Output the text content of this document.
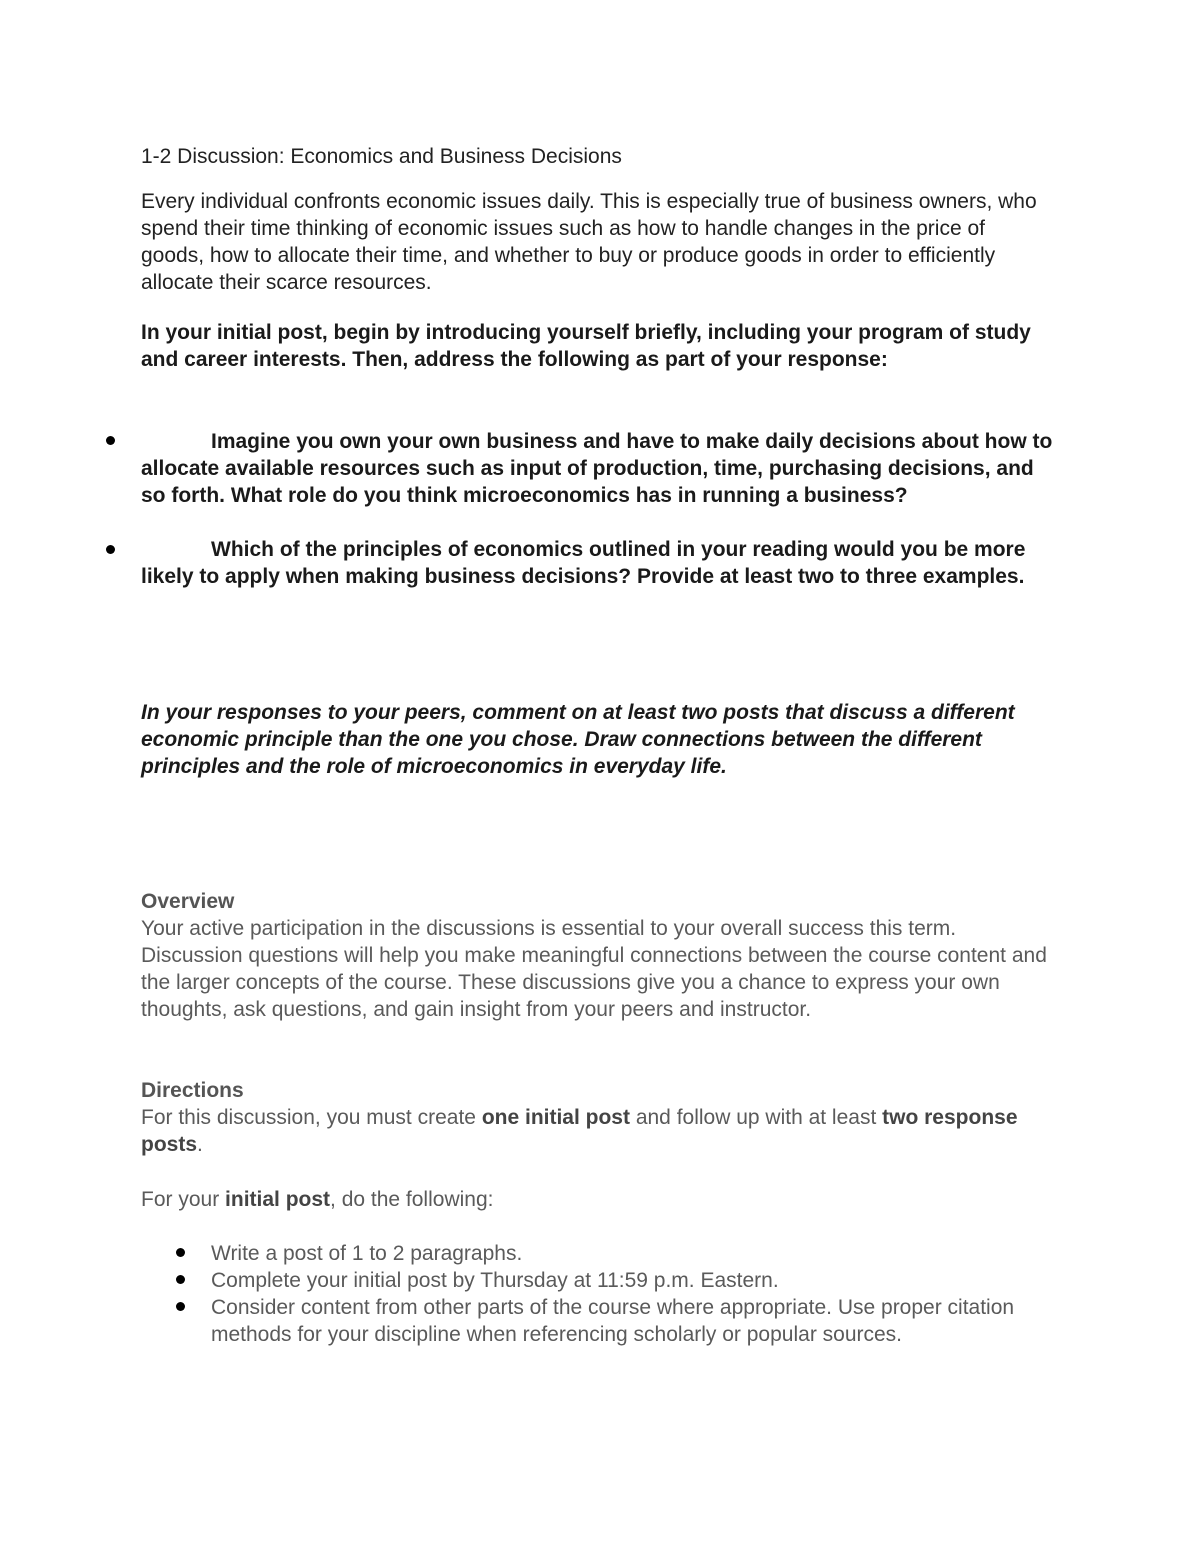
1-2 Discussion: Economics and Business Decisions

Every individual confronts economic issues daily. This is especially true of business owners, who spend their time thinking of economic issues such as how to handle changes in the price of goods, how to allocate their time, and whether to buy or produce goods in order to efficiently allocate their scarce resources.

In your initial post, begin by introducing yourself briefly, including your program of study and career interests. Then, address the following as part of your response:

Imagine you own your own business and have to make daily decisions about how to allocate available resources such as input of production, time, purchasing decisions, and so forth. What role do you think microeconomics has in running a business?

Which of the principles of economics outlined in your reading would you be more likely to apply when making business decisions? Provide at least two to three examples.

In your responses to your peers, comment on at least two posts that discuss a different economic principle than the one you chose. Draw connections between the different principles and the role of microeconomics in everyday life.

Overview

Your active participation in the discussions is essential to your overall success this term. Discussion questions will help you make meaningful connections between the course content and the larger concepts of the course. These discussions give you a chance to express your own thoughts, ask questions, and gain insight from your peers and instructor.

Directions

For this discussion, you must create one initial post and follow up with at least two response posts.

For your initial post, do the following:

Write a post of 1 to 2 paragraphs.
Complete your initial post by Thursday at 11:59 p.m. Eastern.
Consider content from other parts of the course where appropriate. Use proper citation methods for your discipline when referencing scholarly or popular sources.
